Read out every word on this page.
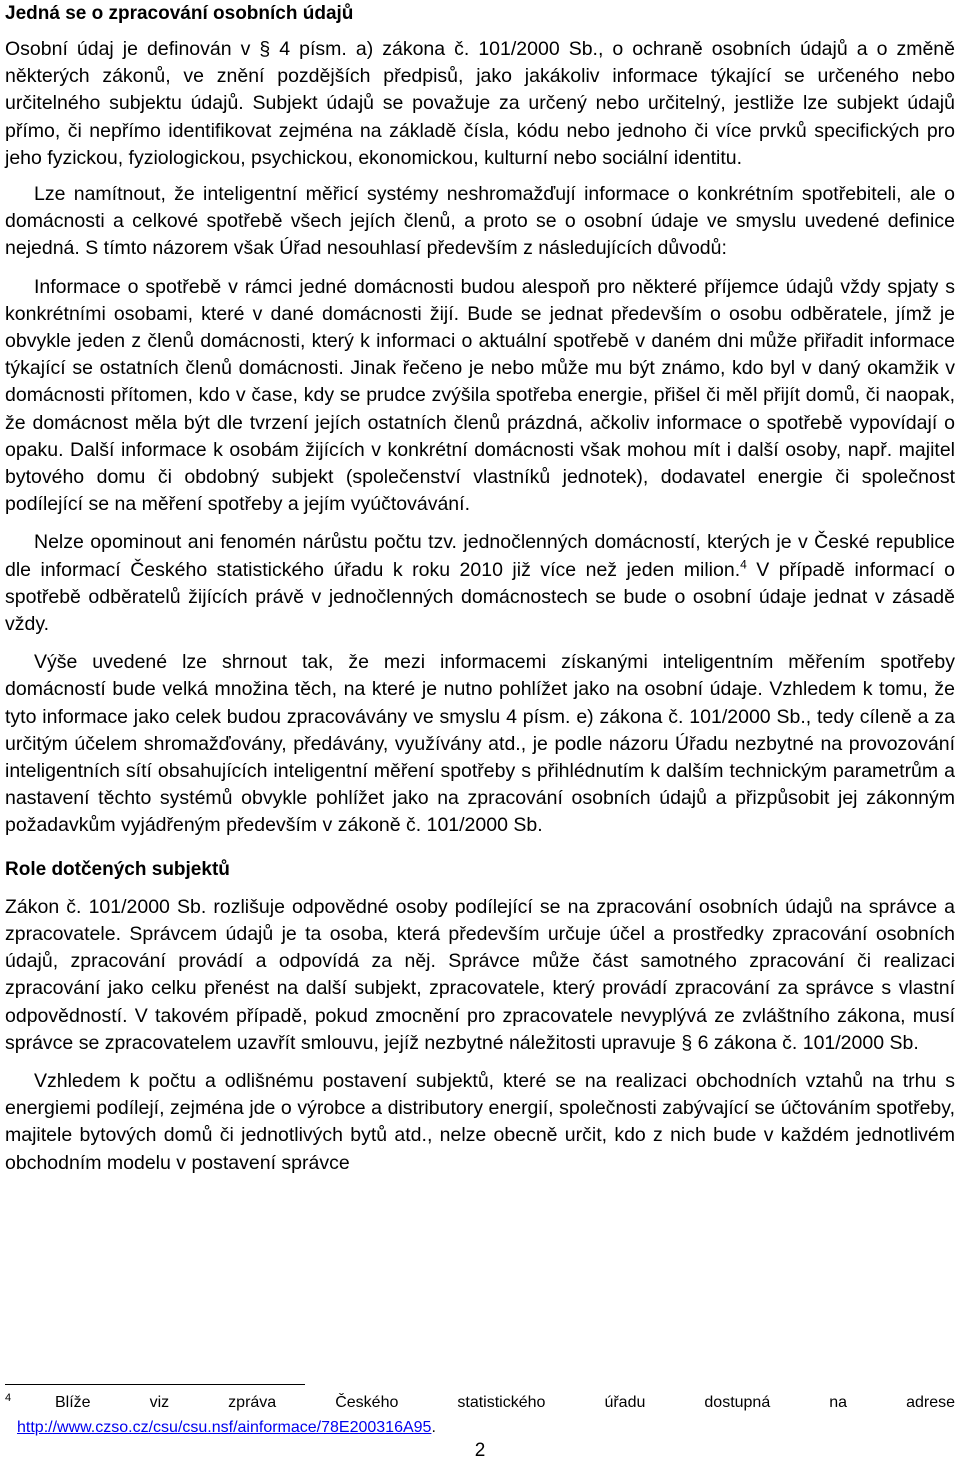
Jedná se o zpracování osobních údajů

Osobní údaj je definován v § 4 písm. a) zákona č. 101/2000 Sb., o ochraně osobních údajů a o změně některých zákonů, ve znění pozdějších předpisů, jako jakákoliv informace týkající se určeného nebo určitelného subjektu údajů. Subjekt údajů se považuje za určený nebo určitelný, jestliže lze subjekt údajů přímo, či nepřímo identifikovat zejména na základě čísla, kódu nebo jednoho či více prvků specifických pro jeho fyzickou, fyziologickou, psychickou, ekonomickou, kulturní nebo sociální identitu.

Lze namítnout, že inteligentní měřicí systémy neshromažďují informace o konkrétním spotřebiteli, ale o domácnosti a celkové spotřebě všech jejích členů, a proto se o osobní údaje ve smyslu uvedené definice nejedná. S tímto názorem však Úřad nesouhlasí především z následujících důvodů:

Informace o spotřebě v rámci jedné domácnosti budou alespoň pro některé příjemce údajů vždy spjaty s konkrétními osobami, které v dané domácnosti žijí. Bude se jednat především o osobu odběratele, jímž je obvykle jeden z členů domácnosti, který k informaci o aktuální spotřebě v daném dni může přiřadit informace týkající se ostatních členů domácnosti. Jinak řečeno je nebo může mu být známo, kdo byl v daný okamžik v domácnosti přítomen, kdo v čase, kdy se prudce zvýšila spotřeba energie, přišel či měl přijít domů, či naopak, že domácnost měla být dle tvrzení jejích ostatních členů prázdná, ačkoliv informace o spotřebě vypovídají o opaku. Další informace k osobám žijících v konkrétní domácnosti však mohou mít i další osoby, např. majitel bytového domu či obdobný subjekt (společenství vlastníků jednotek), dodavatel energie či společnost podílející se na měření spotřeby a jejím vyúčtovávání.

Nelze opominout ani fenomén nárůstu počtu tzv. jednočlenných domácností, kterých je v České republice dle informací Českého statistického úřadu k roku 2010 již více než jeden milion.$^4$ V případě informací o spotřebě odběratelů žijících právě v jednočlenných domácnostech se bude o osobní údaje jednat v zásadě vždy.

Výše uvedené lze shrnout tak, že mezi informacemi získanými inteligentním měřením spotřeby domácností bude velká množina těch, na které je nutno pohlížet jako na osobní údaje. Vzhledem k tomu, že tyto informace jako celek budou zpracovávány ve smyslu 4 písm. e) zákona č. 101/2000 Sb., tedy cíleně a za určitým účelem shromažďovány, předávány, využívány atd., je podle názoru Úřadu nezbytné na provozování inteligentních sítí obsahujících inteligentní měření spotřeby s přihlédnutím k dalším technickým parametrům a nastavení těchto systémů obvykle pohlížet jako na zpracování osobních údajů a přizpůsobit jej zákonným požadavkům vyjádřeným především v zákoně č. 101/2000 Sb.

Role dotčených subjektů

Zákon č. 101/2000 Sb. rozlišuje odpovědné osoby podílející se na zpracování osobních údajů na správce a zpracovatele. Správcem údajů je ta osoba, která především určuje účel a prostředky zpracování osobních údajů, zpracování provádí a odpovídá za něj. Správce může část samotného zpracování či realizaci zpracování jako celku přenést na další subjekt, zpracovatele, který provádí zpracování za správce s vlastní odpovědností. V takovém případě, pokud zmocnění pro zpracovatele nevyplývá ze zvláštního zákona, musí správce se zpracovatelem uzavřít smlouvu, jejíž nezbytné náležitosti upravuje § 6 zákona č. 101/2000 Sb.

Vzhledem k počtu a odlišnému postavení subjektů, které se na realizaci obchodních vztahů na trhu s energiemi podílejí, zejména jde o výrobce a distributory energií, společnosti zabývající se účtováním spotřeby, majitele bytových domů či jednotlivých bytů atd., nelze obecně určit, kdo z nich bude v každém jednotlivém obchodním modelu v postavení správce

4	Blíže	viz	zpráva	Českého	statistického	úřadu	dostupná	na	adrese
http://www.czso.cz/csu/csu.nsf/ainformace/78E200316A95.
2
